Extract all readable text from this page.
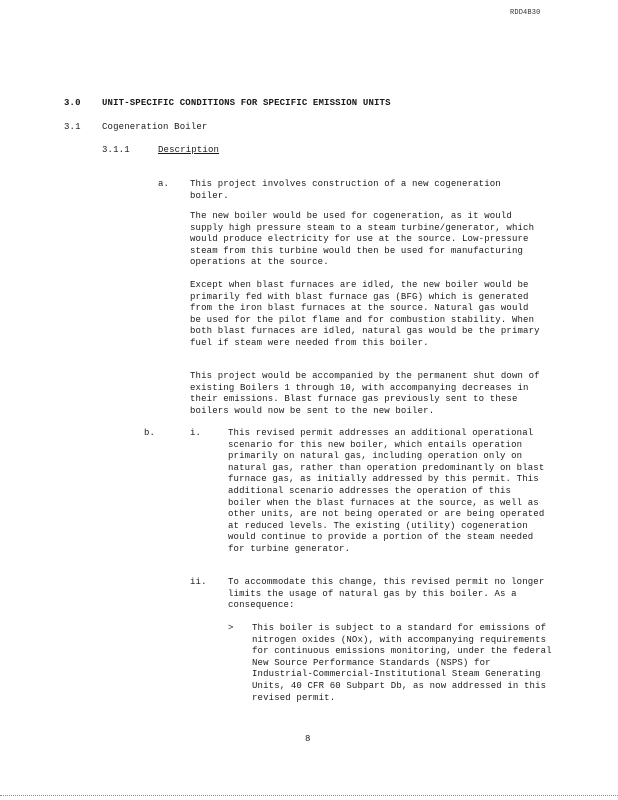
RDD4B30
3.0 UNIT-SPECIFIC CONDITIONS FOR SPECIFIC EMISSION UNITS
3.1 Cogeneration Boiler
3.1.1	Description
a. This project involves construction of a new cogeneration boiler.
The new boiler would be used for cogeneration, as it would supply high pressure steam to a steam turbine/generator, which would produce electricity for use at the source. Low-pressure steam from this turbine would then be used for manufacturing operations at the source.
Except when blast furnaces are idled, the new boiler would be primarily fed with blast furnace gas (BFG) which is generated from the iron blast furnaces at the source. Natural gas would be used for the pilot flame and for combustion stability. When both blast furnaces are idled, natural gas would be the primary fuel if steam were needed from this boiler.
This project would be accompanied by the permanent shut down of existing Boilers 1 through 10, with accompanying decreases in their emissions. Blast furnace gas previously sent to these boilers would now be sent to the new boiler.
b.	i.	This revised permit addresses an additional operational scenario for this new boiler, which entails operation primarily on natural gas, including operation only on natural gas, rather than operation predominantly on blast furnace gas, as initially addressed by this permit. This additional scenario addresses the operation of this boiler when the blast furnaces at the source, as well as other units, are not being operated or are being operated at reduced levels. The existing (utility) cogeneration would continue to provide a portion of the steam needed for turbine generator.
ii. To accommodate this change, this revised permit no longer limits the usage of natural gas by this boiler. As a consequence:
> This boiler is subject to a standard for emissions of nitrogen oxides (NOx), with accompanying requirements for continuous emissions monitoring, under the federal New Source Performance Standards (NSPS) for Industrial-Commercial-Institutional Steam Generating Units, 40 CFR 60 Subpart Db, as now addressed in this revised permit.
8
